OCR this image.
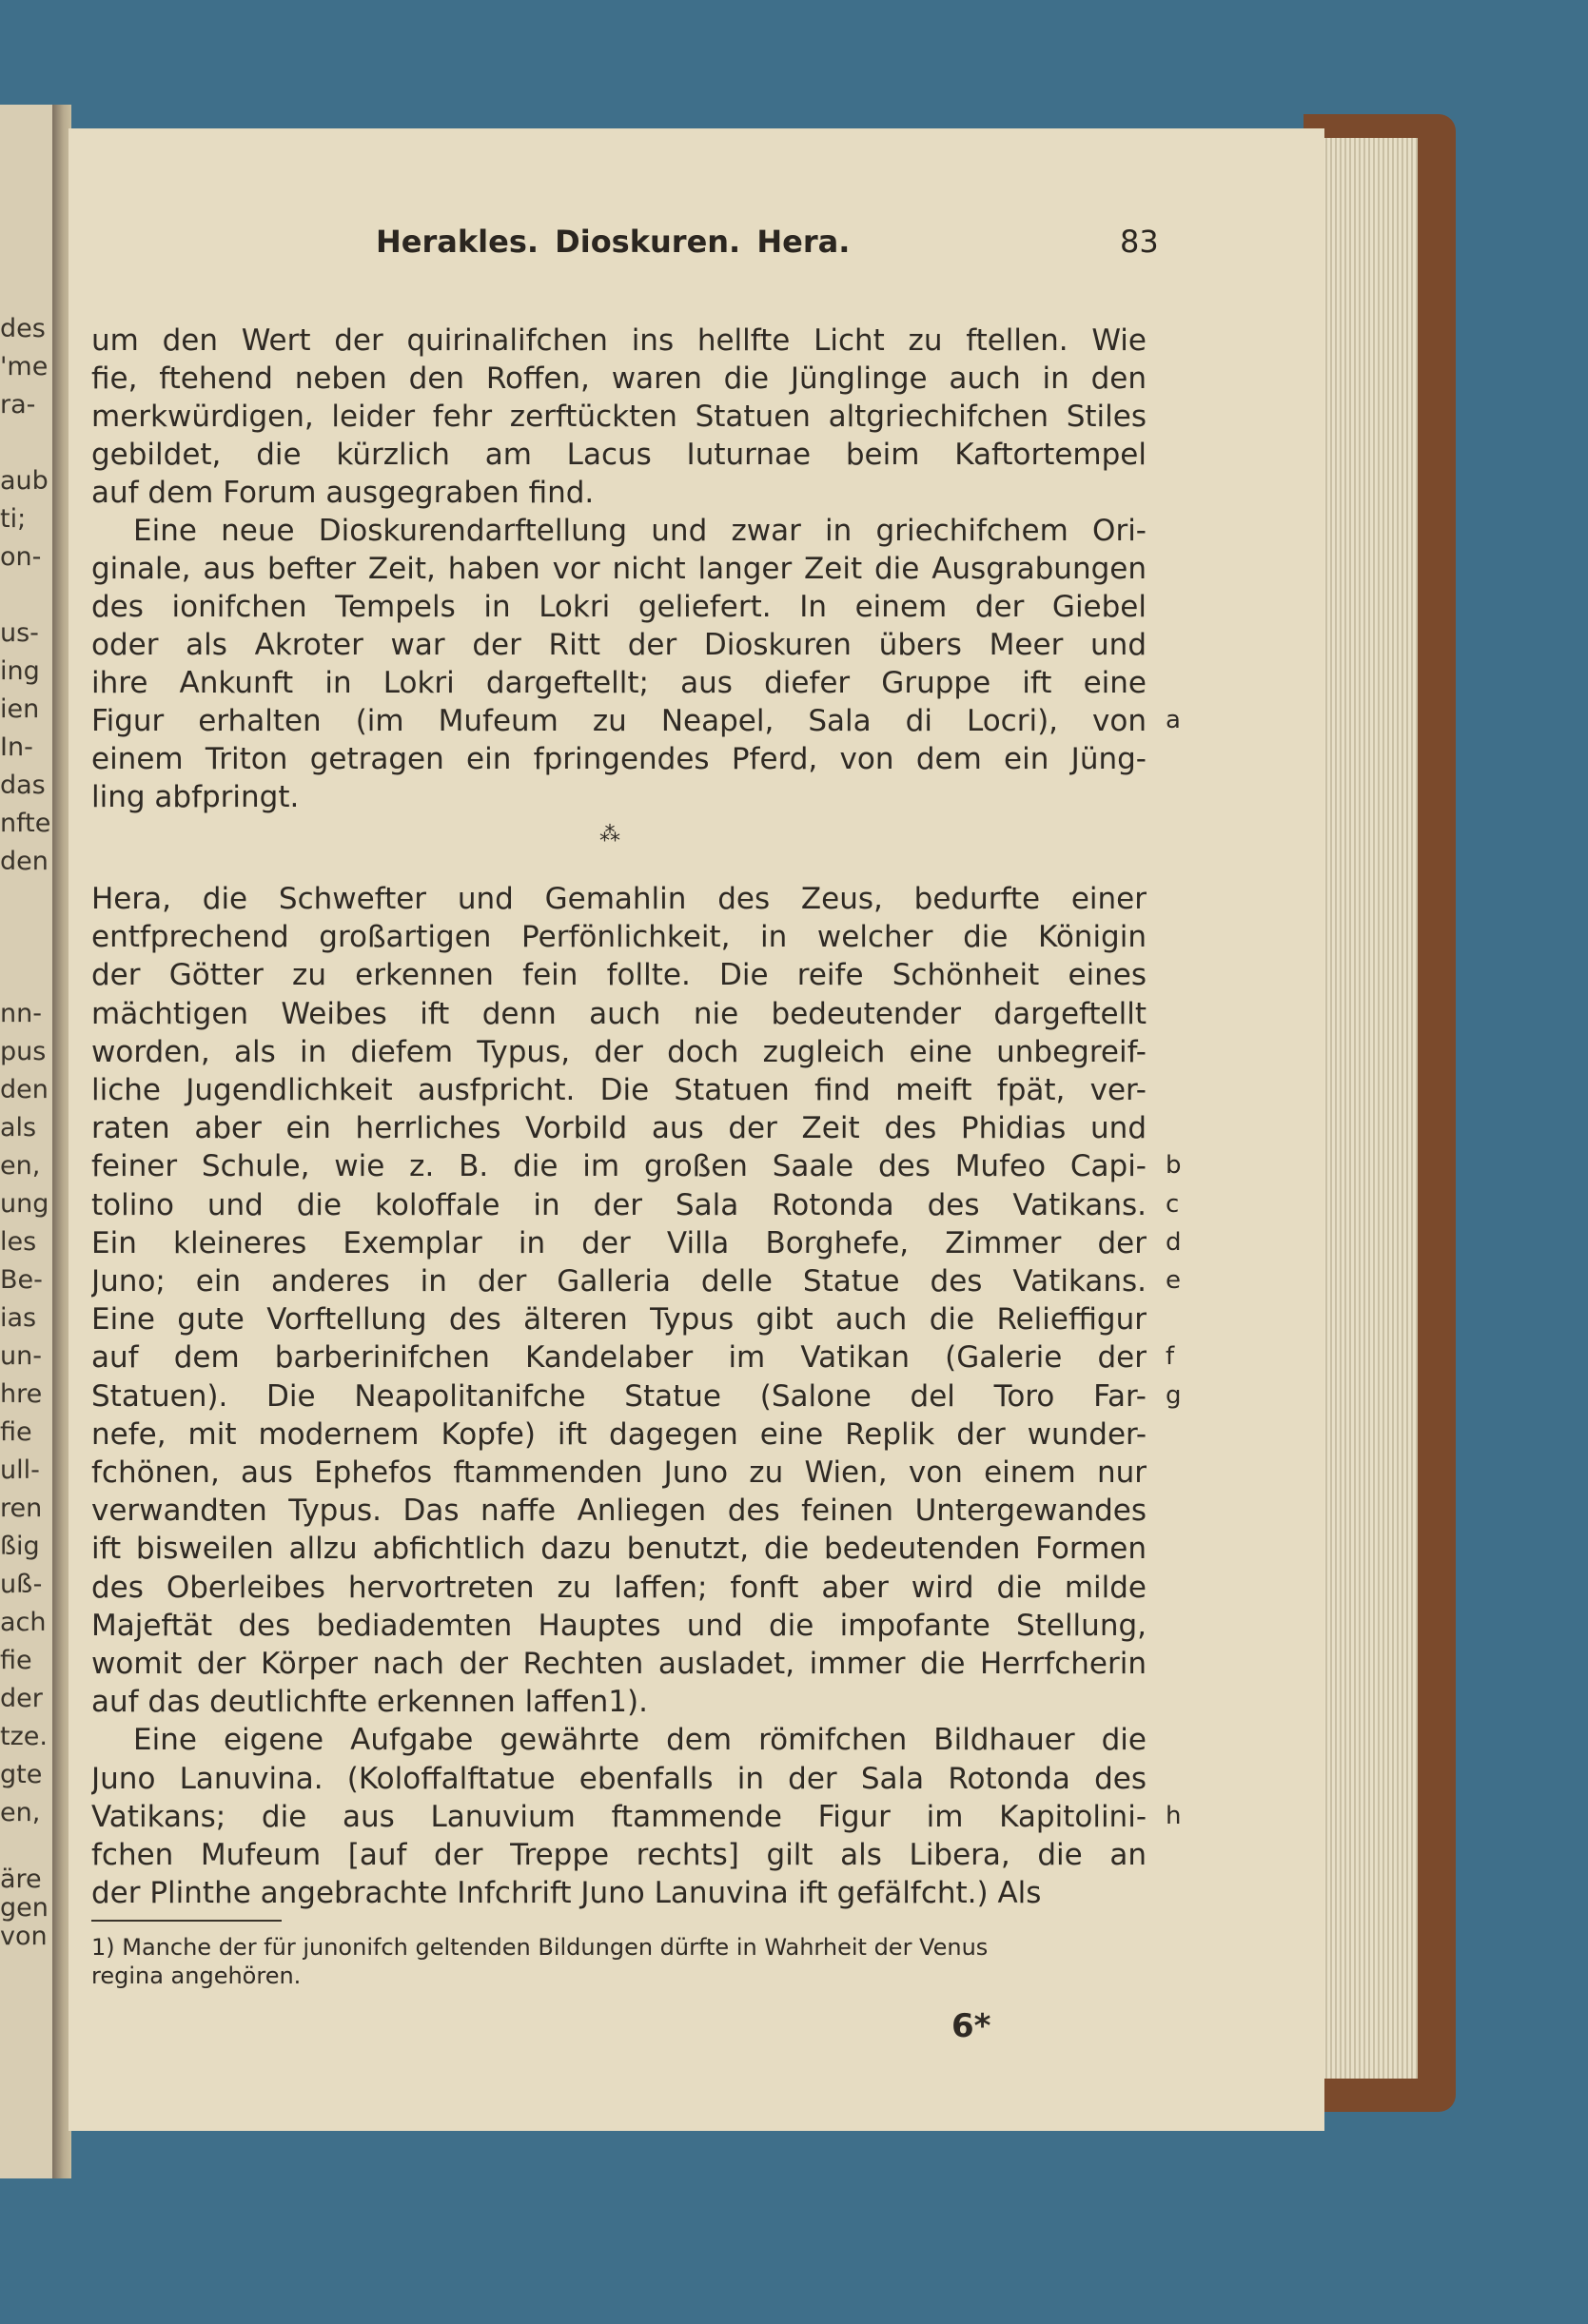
des
'me
ra-
aub
ti;
on-
us-
ing
ien
In-
das
nfte
den
nn-
pus
den
als
en,
ung
les
Be-
ias
un-
hre
fie
ull-
ren
ßig
uß-
ach
fie
der
tze.
gte
en,
äre
gen
von
Herakles. Dioskuren. Hera.	83
um den Wert der quirinalifchen ins hellfte Licht zu ftellen. Wie
fie, ftehend neben den Roffen, waren die Jünglinge auch in den
merkwürdigen, leider fehr zerftückten Statuen altgriechifchen Stiles
gebildet, die kürzlich am Lacus Iuturnae beim Kaftortempel
auf dem Forum ausgegraben find.
Eine neue Dioskurendarftellung und zwar in griechifchem Ori-
ginale, aus befter Zeit, haben vor nicht langer Zeit die Ausgrabungen
des ionifchen Tempels in Lokri geliefert. In einem der Giebel
oder als Akroter war der Ritt der Dioskuren übers Meer und
ihre Ankunft in Lokri dargeftellt; aus diefer Gruppe ift eine
Figur erhalten (im Mufeum zu Neapel, Sala di Locri), von
einem Triton getragen ein fpringendes Pferd, von dem ein Jüng-
ling abfpringt.
Hera, die Schwefter und Gemahlin des Zeus, bedurfte einer
entfprechend großartigen Perfönlichkeit, in welcher die Königin
der Götter zu erkennen fein follte. Die reife Schönheit eines
mächtigen Weibes ift denn auch nie bedeutender dargeftellt
worden, als in diefem Typus, der doch zugleich eine unbegreif-
liche Jugendlichkeit ausfpricht. Die Statuen find meift fpät, ver-
raten aber ein herrliches Vorbild aus der Zeit des Phidias und
feiner Schule, wie z. B. die im großen Saale des Mufeo Capi-
tolino und die koloffale in der Sala Rotonda des Vatikans.
Ein kleineres Exemplar in der Villa Borghefe, Zimmer der
Juno; ein anderes in der Galleria delle Statue des Vatikans.
Eine gute Vorftellung des älteren Typus gibt auch die Relieffigur
auf dem barberinifchen Kandelaber im Vatikan (Galerie der
Statuen). Die Neapolitanifche Statue (Salone del Toro Far-
nefe, mit modernem Kopfe) ift dagegen eine Replik der wunder-
fchönen, aus Ephefos ftammenden Juno zu Wien, von einem nur
verwandten Typus. Das naffe Anliegen des feinen Untergewandes
ift bisweilen allzu abfichtlich dazu benutzt, die bedeutenden Formen
des Oberleibes hervortreten zu laffen; fonft aber wird die milde
Majeftät des bediademten Hauptes und die impofante Stellung,
womit der Körper nach der Rechten ausladet, immer die Herrfcherin
auf das deutlichfte erkennen laffen1).
Eine eigene Aufgabe gewährte dem römifchen Bildhauer die
Juno Lanuvina. (Koloffalftatue ebenfalls in der Sala Rotonda des
Vatikans; die aus Lanuvium ftammende Figur im Kapitolini-
fchen Mufeum [auf der Treppe rechts] gilt als Libera, die an
der Plinthe angebrachte Infchrift Juno Lanuvina ift gefälfcht.) Als
a
b
c
d
e
f
g
h
⁂
1) Manche der für junonifch geltenden Bildungen dürfte in Wahrheit der Venus
regina angehören.
6*
